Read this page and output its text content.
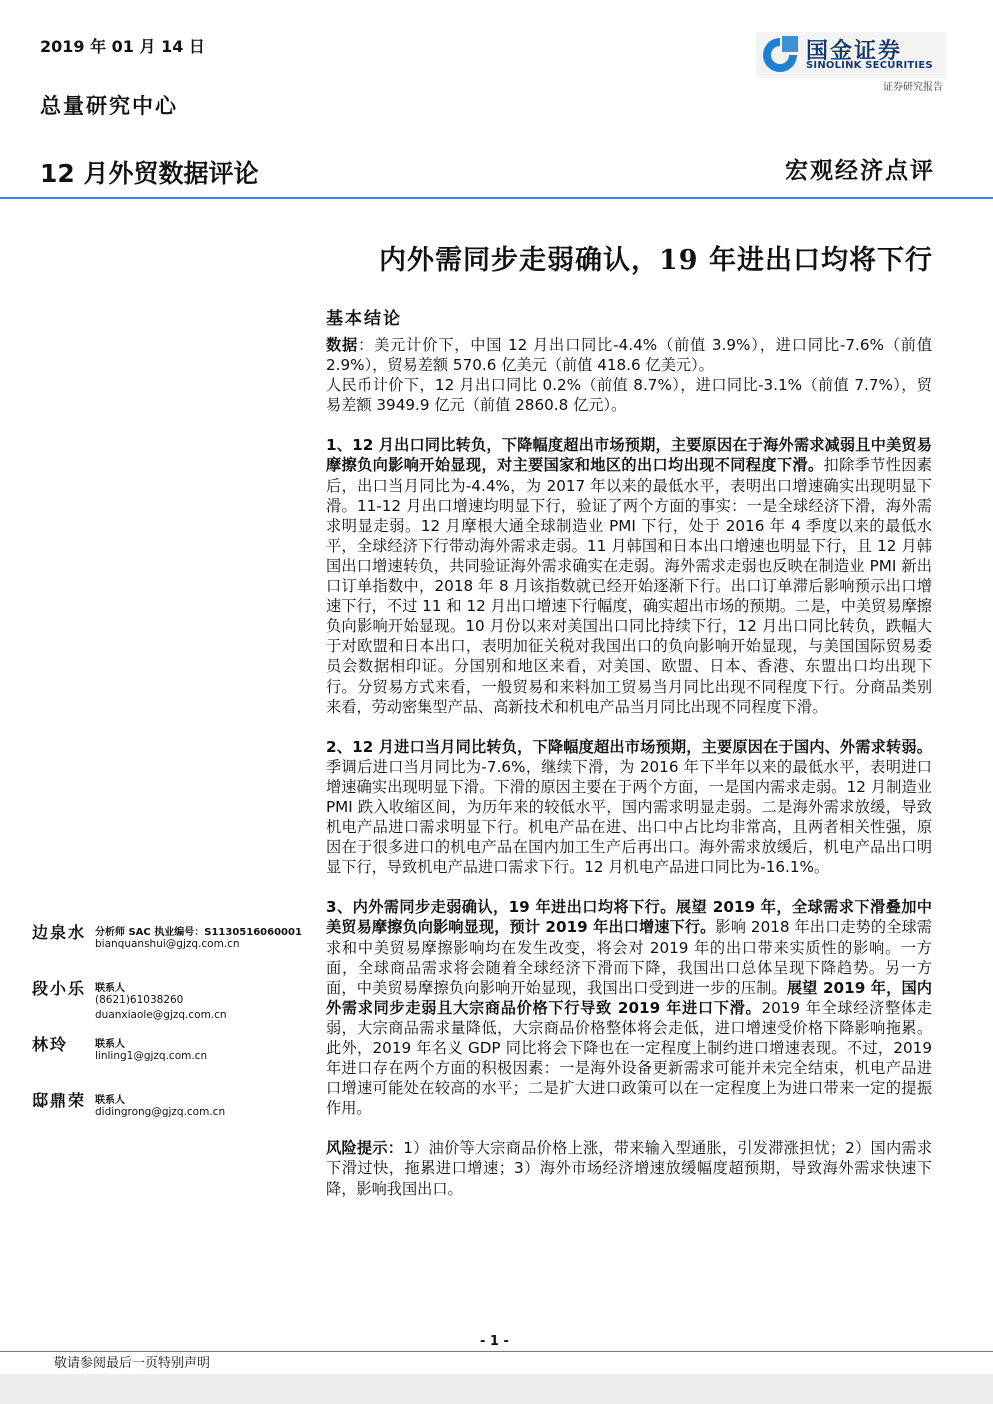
2019 年 01 月 14 日
总量研究中心
12 月外贸数据评论	宏观经济点评
国金证券
SINOLINK SECURITIES
证券研究报告
内外需同步走弱确认，19 年进出口均将下行
基本结论

数据：美元计价下，中国 12 月出口同比-4.4%（前值 3.9%），进口同比-7.6%（前值 2.9%），贸易差额 570.6 亿美元（前值 418.6 亿美元）。

人民币计价下，12 月出口同比 0.2%（前值 8.7%），进口同比-3.1%（前值 7.7%），贸易差额 3949.9 亿元（前值 2860.8 亿元）。

1、12 月出口同比转负，下降幅度超出市场预期，主要原因在于海外需求减弱且中美贸易摩擦负向影响开始显现，对主要国家和地区的出口均出现不同程度下滑。扣除季节性因素后，出口当月同比为-4.4%，为 2017 年以来的最低水平，表明出口增速确实出现明显下滑。11-12 月出口增速均明显下行，验证了两个方面的事实：一是全球经济下滑，海外需求明显走弱。12 月摩根大通全球制造业 PMI 下行，处于 2016 年 4 季度以来的最低水平，全球经济下行带动海外需求走弱。11 月韩国和日本出口增速也明显下行，且 12 月韩国出口增速转负，共同验证海外需求确实在走弱。海外需求走弱也反映在制造业 PMI 新出口订单指数中，2018 年 8 月该指数就已经开始逐渐下行。出口订单滞后影响预示出口增速下行，不过 11 和 12 月出口增速下行幅度，确实超出市场的预期。二是，中美贸易摩擦负向影响开始显现。10 月份以来对美国出口同比持续下行，12 月出口同比转负，跌幅大于对欧盟和日本出口，表明加征关税对我国出口的负向影响开始显现，与美国国际贸易委员会数据相印证。分国别和地区来看，对美国、欧盟、日本、香港、东盟出口均出现下行。分贸易方式来看，一般贸易和来料加工贸易当月同比出现不同程度下行。分商品类别来看，劳动密集型产品、高新技术和机电产品当月同比出现不同程度下滑。

2、12 月进口当月同比转负，下降幅度超出市场预期，主要原因在于国内、外需求转弱。季调后进口当月同比为-7.6%，继续下滑，为 2016 年下半年以来的最低水平，表明进口增速确实出现明显下滑。下滑的原因主要在于两个方面，一是国内需求走弱。12 月制造业 PMI 跌入收缩区间，为历年来的较低水平，国内需求明显走弱。二是海外需求放缓，导致机电产品进口需求明显下行。机电产品在进、出口中占比均非常高，且两者相关性强，原因在于很多进口的机电产品在国内加工生产后再出口。海外需求放缓后，机电产品出口明显下行，导致机电产品进口需求下行。12 月机电产品进口同比为-16.1%。

3、内外需同步走弱确认，19 年进出口均将下行。展望 2019 年，全球需求下滑叠加中美贸易摩擦负向影响显现，预计 2019 年出口增速下行。影响 2018 年出口走势的全球需求和中美贸易摩擦影响均在发生改变，将会对 2019 年的出口带来实质性的影响。一方面，全球商品需求将会随着全球经济下滑而下降，我国出口总体呈现下降趋势。另一方面，中美贸易摩擦负向影响开始显现，我国出口受到进一步的压制。展望 2019 年，国内外需求同步走弱且大宗商品价格下行导致 2019 年进口下滑。2019 年全球经济整体走弱，大宗商品需求量降低，大宗商品价格整体将会走低，进口增速受价格下降影响拖累。此外，2019 年名义 GDP 同比将会下降也在一定程度上制约进口增速表现。不过，2019 年进口存在两个方面的积极因素：一是海外设备更新需求可能并未完全结束，机电产品进口增速可能处在较高的水平；二是扩大进口政策可以在一定程度上为进口带来一定的提振作用。

风险提示：1）油价等大宗商品价格上涨，带来输入型通胀，引发滞涨担忧；2）国内需求下滑过快，拖累进口增速；3）海外市场经济增速放缓幅度超预期，导致海外需求快速下降，影响我国出口。

边泉水 分析师 SAC 执业编号：S1130516060001
bianquanshui@gjzq.com.cn
段小乐 联系人
(8621)61038260
duanxiaole@gjzq.com.cn
林玲	联系人
linling1@gjzq.com.cn
邸鼎荣 联系人
didingrong@gjzq.com.cn
- 1 -
敬请参阅最后一页特别声明
